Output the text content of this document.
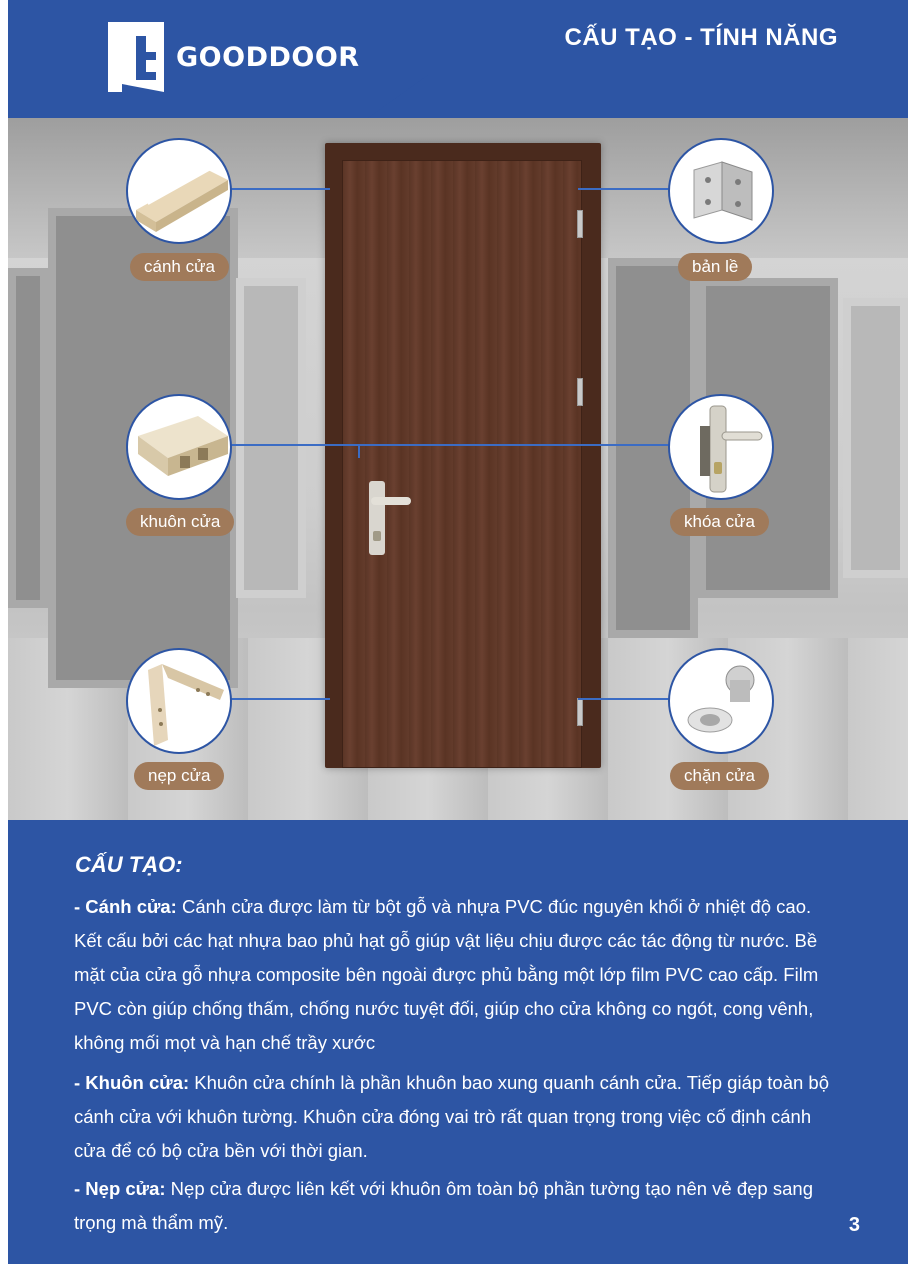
GOODDOOR
CẤU TẠO - TÍNH NĂNG
cánh cửa
khuôn cửa
nẹp cửa
bản lề
khóa cửa
chặn cửa
CẤU TẠO:

- Cánh cửa: Cánh cửa được làm từ bột gỗ và nhựa PVC đúc nguyên khối ở nhiệt độ cao. Kết cấu bởi các hạt nhựa bao phủ hạt gỗ giúp vật liệu chịu được các tác động từ nước. Bề mặt của cửa gỗ nhựa composite bên ngoài được phủ bằng một lớp film PVC cao cấp. Film PVC còn giúp chống thấm, chống nước tuyệt đối, giúp cho cửa không co ngót, cong vênh, không mối mọt và hạn chế trầy xước

- Khuôn cửa: Khuôn cửa chính là phần khuôn bao xung quanh cánh cửa. Tiếp giáp toàn bộ cánh cửa với khuôn tường. Khuôn cửa đóng vai trò rất quan trọng trong việc cố định cánh cửa để có bộ cửa bền với thời gian.

- Nẹp cửa: Nẹp cửa được liên kết với khuôn ôm toàn bộ phần tường tạo nên vẻ đẹp sang trọng mà thẩm mỹ.	3
